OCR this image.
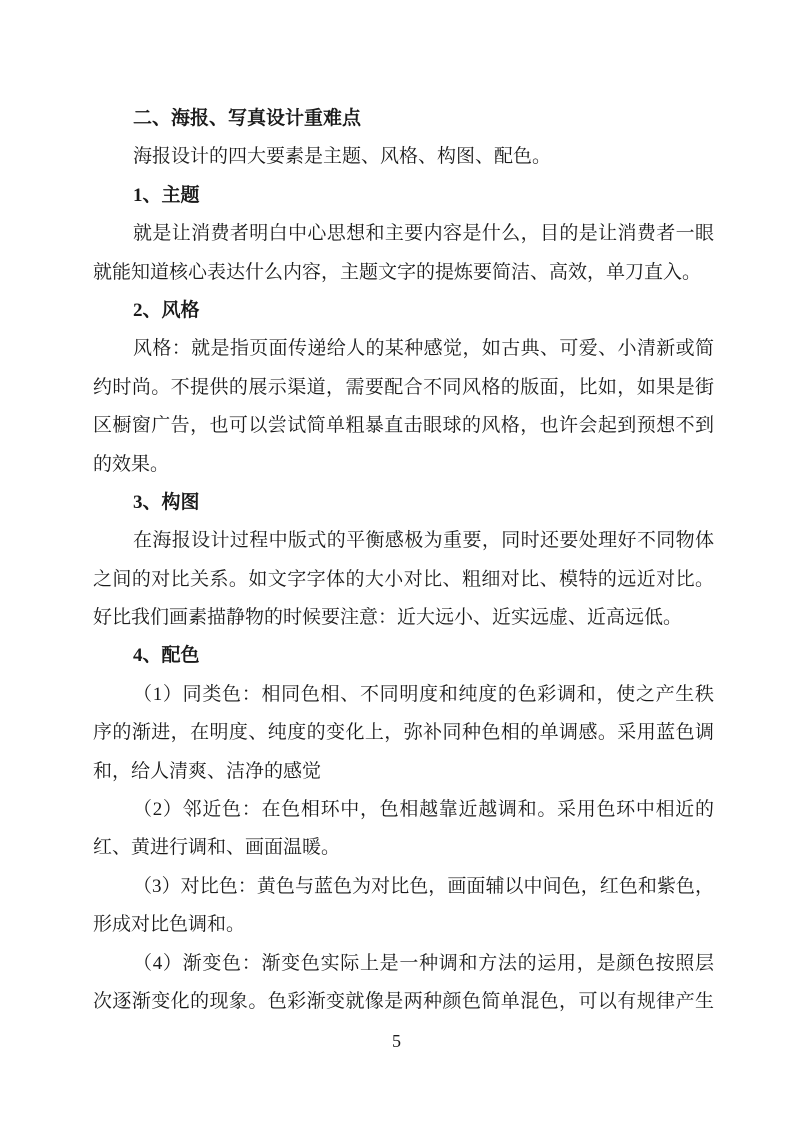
二、海报、写真设计重难点
海报设计的四大要素是主题、风格、构图、配色。
1、主题
就是让消费者明白中心思想和主要内容是什么，目的是让消费者一眼
就能知道核心表达什么内容，主题文字的提炼要简洁、高效，单刀直入。
2、风格
风格：就是指页面传递给人的某种感觉，如古典、可爱、小清新或简
约时尚。不提供的展示渠道，需要配合不同风格的版面，比如，如果是街
区橱窗广告，也可以尝试简单粗暴直击眼球的风格，也许会起到预想不到
的效果。
3、构图
在海报设计过程中版式的平衡感极为重要，同时还要处理好不同物体
之间的对比关系。如文字字体的大小对比、粗细对比、模特的远近对比。
好比我们画素描静物的时候要注意：近大远小、近实远虚、近高远低。
4、配色
（1）同类色：相同色相、不同明度和纯度的色彩调和，使之产生秩
序的渐进，在明度、纯度的变化上，弥补同种色相的单调感。采用蓝色调
和，给人清爽、洁净的感觉
（2）邻近色：在色相环中，色相越靠近越调和。采用色环中相近的
红、黄进行调和、画面温暖。
（3）对比色：黄色与蓝色为对比色，画面辅以中间色，红色和紫色，
形成对比色调和。
（4）渐变色：渐变色实际上是一种调和方法的运用，是颜色按照层
次逐渐变化的现象。色彩渐变就像是两种颜色简单混色，可以有规律产生
5
